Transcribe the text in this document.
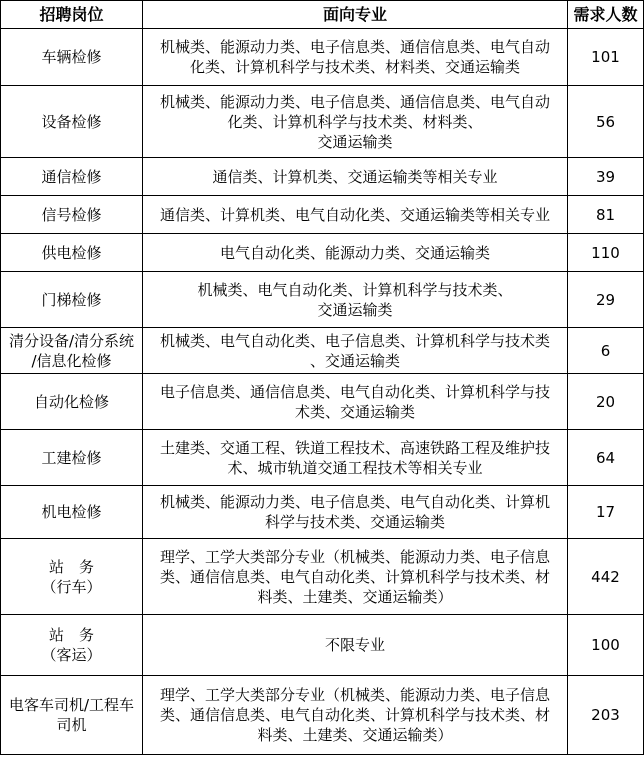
招聘岗位	面向专业	需求人数

车辆检修	机械类、能源动力类、电子信息类、通信信息类、电气自动
化类、计算机科学与技术类、材料类、交通运输类	101

设备检修	机械类、能源动力类、电子信息类、通信信息类、电气自动
化类、计算机科学与技术类、材料类、
交通运输类	56

通信检修	通信类、计算机类、交通运输类等相关专业	39

信号检修	通信类、计算机类、电气自动化类、交通运输类等相关专业	81

供电检修	电气自动化类、能源动力类、交通运输类	110

门梯检修	机械类、电气自动化类、计算机科学与技术类、
交通运输类	29

清分设备/清分系统
/信息化检修	机械类、电气自动化类、电子信息类、计算机科学与技术类
、交通运输类	6

自动化检修	电子信息类、通信信息类、电气自动化类、计算机科学与技
术类、交通运输类	20

工建检修	土建类、交通工程、铁道工程技术、高速铁路工程及维护技
术、城市轨道交通工程技术等相关专业	64

机电检修	机械类、能源动力类、电子信息类、电气自动化类、计算机
科学与技术类、交通运输类	17

站　务
（行车）	理学、工学大类部分专业（机械类、能源动力类、电子信息
类、通信信息类、电气自动化类、计算机科学与技术类、材
料类、土建类、交通运输类）	442

站　务
（客运）	不限专业	100

电客车司机/工程车
司机	理学、工学大类部分专业（机械类、能源动力类、电子信息
类、通信信息类、电气自动化类、计算机科学与技术类、材
料类、土建类、交通运输类）	203
